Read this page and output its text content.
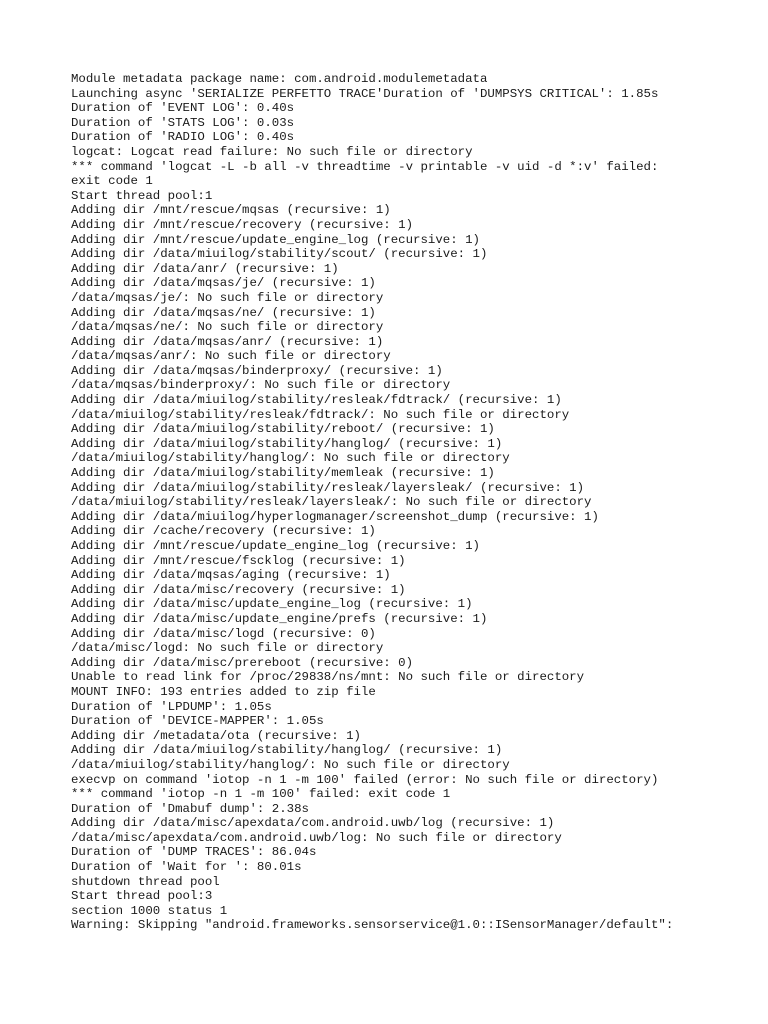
Module metadata package name: com.android.modulemetadata
Launching async 'SERIALIZE PERFETTO TRACE'Duration of 'DUMPSYS CRITICAL': 1.85s
Duration of 'EVENT LOG': 0.40s
Duration of 'STATS LOG': 0.03s
Duration of 'RADIO LOG': 0.40s
logcat: Logcat read failure: No such file or directory
*** command 'logcat -L -b all -v threadtime -v printable -v uid -d *:v' failed:
exit code 1
Start thread pool:1
Adding dir /mnt/rescue/mqsas (recursive: 1)
Adding dir /mnt/rescue/recovery (recursive: 1)
Adding dir /mnt/rescue/update_engine_log (recursive: 1)
Adding dir /data/miuilog/stability/scout/ (recursive: 1)
Adding dir /data/anr/ (recursive: 1)
Adding dir /data/mqsas/je/ (recursive: 1)
/data/mqsas/je/: No such file or directory
Adding dir /data/mqsas/ne/ (recursive: 1)
/data/mqsas/ne/: No such file or directory
Adding dir /data/mqsas/anr/ (recursive: 1)
/data/mqsas/anr/: No such file or directory
Adding dir /data/mqsas/binderproxy/ (recursive: 1)
/data/mqsas/binderproxy/: No such file or directory
Adding dir /data/miuilog/stability/resleak/fdtrack/ (recursive: 1)
/data/miuilog/stability/resleak/fdtrack/: No such file or directory
Adding dir /data/miuilog/stability/reboot/ (recursive: 1)
Adding dir /data/miuilog/stability/hanglog/ (recursive: 1)
/data/miuilog/stability/hanglog/: No such file or directory
Adding dir /data/miuilog/stability/memleak (recursive: 1)
Adding dir /data/miuilog/stability/resleak/layersleak/ (recursive: 1)
/data/miuilog/stability/resleak/layersleak/: No such file or directory
Adding dir /data/miuilog/hyperlogmanager/screenshot_dump (recursive: 1)
Adding dir /cache/recovery (recursive: 1)
Adding dir /mnt/rescue/update_engine_log (recursive: 1)
Adding dir /mnt/rescue/fscklog (recursive: 1)
Adding dir /data/mqsas/aging (recursive: 1)
Adding dir /data/misc/recovery (recursive: 1)
Adding dir /data/misc/update_engine_log (recursive: 1)
Adding dir /data/misc/update_engine/prefs (recursive: 1)
Adding dir /data/misc/logd (recursive: 0)
/data/misc/logd: No such file or directory
Adding dir /data/misc/prereboot (recursive: 0)
Unable to read link for /proc/29838/ns/mnt: No such file or directory
MOUNT INFO: 193 entries added to zip file
Duration of 'LPDUMP': 1.05s
Duration of 'DEVICE-MAPPER': 1.05s
Adding dir /metadata/ota (recursive: 1)
Adding dir /data/miuilog/stability/hanglog/ (recursive: 1)
/data/miuilog/stability/hanglog/: No such file or directory
execvp on command 'iotop -n 1 -m 100' failed (error: No such file or directory)
*** command 'iotop -n 1 -m 100' failed: exit code 1
Duration of 'Dmabuf dump': 2.38s
Adding dir /data/misc/apexdata/com.android.uwb/log (recursive: 1)
/data/misc/apexdata/com.android.uwb/log: No such file or directory
Duration of 'DUMP TRACES': 86.04s
Duration of 'Wait for ': 80.01s
shutdown thread pool
Start thread pool:3
section 1000 status 1
Warning: Skipping "android.frameworks.sensorservice@1.0::ISensorManager/default":
